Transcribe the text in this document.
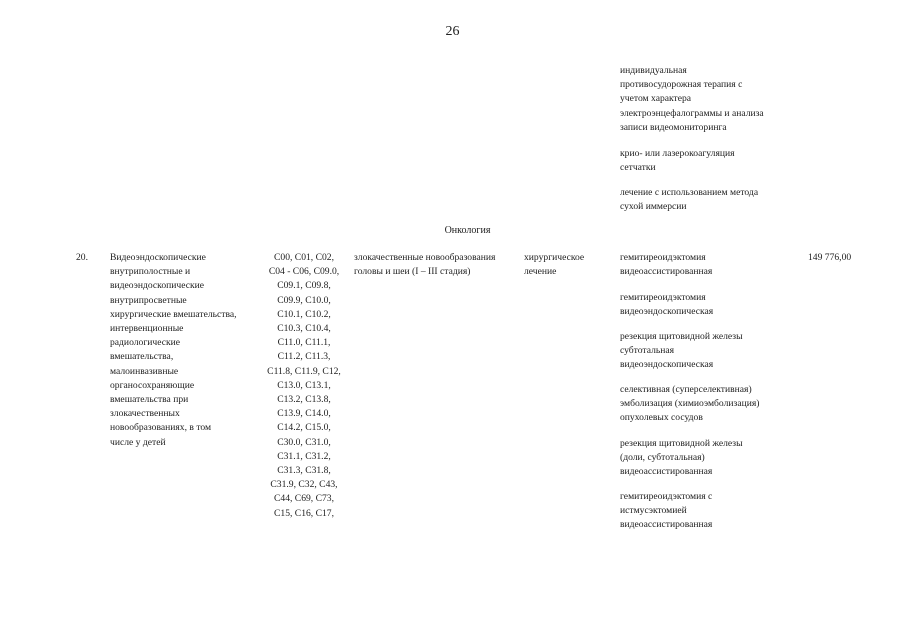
26
индивидуальная
противосудорожная терапия с
учетом характера
электроэнцефалограммы и анализа
записи видеомониторинга
крио- или лазерокоагуляция
сетчатки
лечение с использованием метода
сухой иммерсии
Онкология
20.	Видеоэндоскопические
внутриполостные и
видеоэндоскопические
внутрипросветные
хирургические вмешательства,
интервенционные
радиологические
вмешательства,
малоинвазивные
органосохраняющие
вмешательства при
злокачественных
новообразованиях, в том
числе у детей
С00, С01, С02,
С04 - С06, С09.0,
С09.1, С09.8,
С09.9, С10.0,
С10.1, С10.2,
С10.3, С10.4,
С11.0, С11.1,
С11.2, С11.3,
С11.8, С11.9, С12,
С13.0, С13.1,
С13.2, С13.8,
С13.9, С14.0,
С14.2, С15.0,
С30.0, С31.0,
С31.1, С31.2,
С31.3, С31.8,
С31.9, С32, С43,
С44, С69, С73,
С15, С16, С17,
злокачественные новообразования
головы и шеи (I – III стадия)
хирургическое
лечение
гемитиреоидэктомия
видеоассистированная
гемитиреоидэктомия
видеоэндоскопическая
резекция щитовидной железы
субтотальная
видеоэндоскопическая
селективная (суперселективная)
эмболизация (химиоэмболизация)
опухолевых сосудов
резекция щитовидной железы
(доли, субтотальная)
видеоассистированная
гемитиреоидэктомия с
истмусэктомией
видеоассистированная
149 776,00
